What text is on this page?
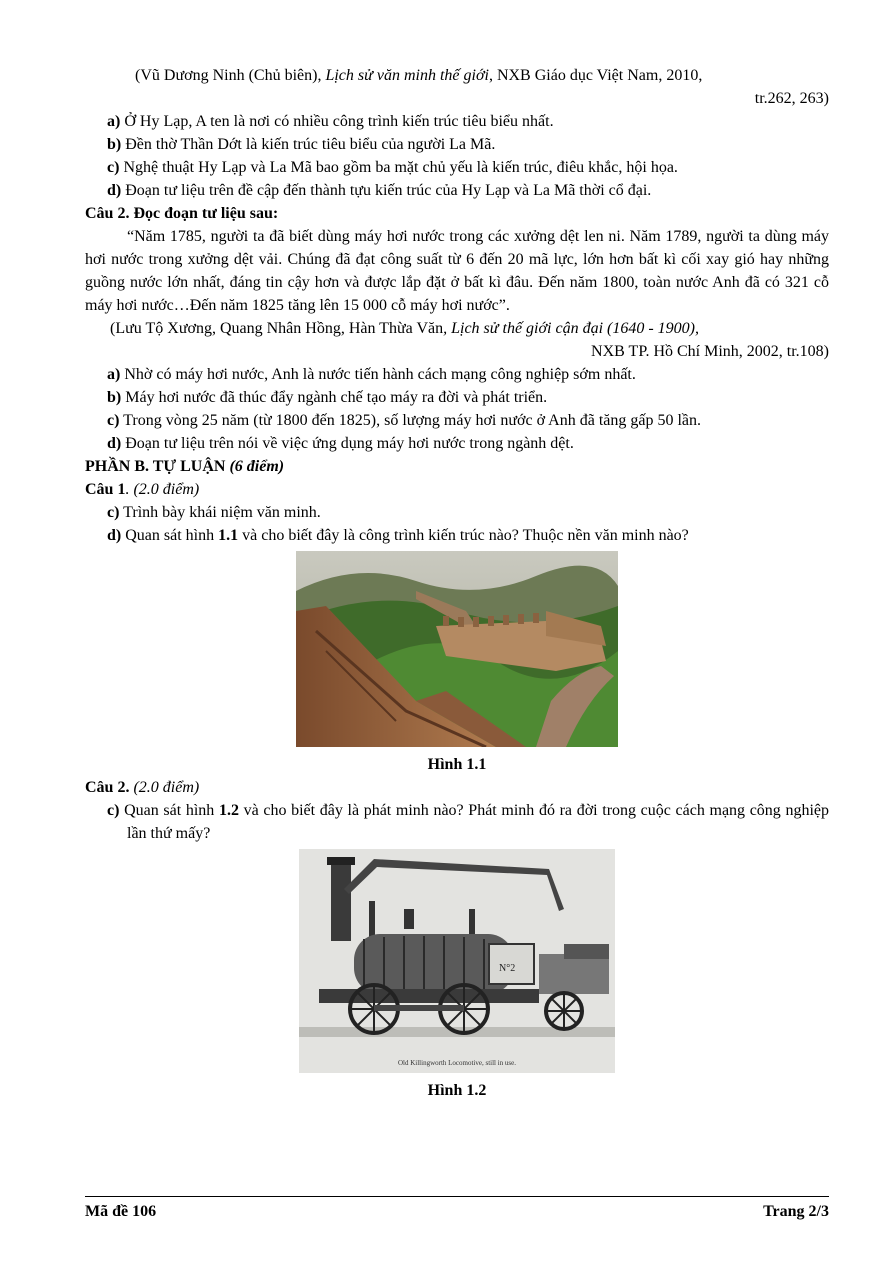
(Vũ Dương Ninh (Chủ biên), Lịch sử văn minh thế giới, NXB Giáo dục Việt Nam, 2010,

tr.262, 263)

a) Ở Hy Lạp, A ten là nơi có nhiều công trình kiến trúc tiêu biểu nhất.

b) Đền thờ Thần Dớt là kiến trúc tiêu biểu của người La Mã.

c) Nghệ thuật Hy Lạp và La Mã bao gồm ba mặt chủ yếu là kiến trúc, điêu khắc, hội họa.

d) Đoạn tư liệu trên đề cập đến thành tựu kiến trúc của Hy Lạp và La Mã thời cổ đại.

Câu 2. Đọc đoạn tư liệu sau:

“Năm 1785, người ta đã biết dùng máy hơi nước trong các xưởng dệt len ni. Năm 1789, người ta dùng máy hơi nước trong xưởng dệt vải. Chúng đã đạt công suất từ 6 đến 20 mã lực, lớn hơn bất kì cối xay gió hay những guồng nước lớn nhất, đáng tin cậy hơn và được lắp đặt ở bất kì đâu. Đến năm 1800, toàn nước Anh đã có 321 cỗ máy hơi nước…Đến năm 1825 tăng lên 15 000 cỗ máy hơi nước”.

(Lưu Tộ Xương, Quang Nhân Hồng, Hàn Thừa Văn, Lịch sử thế giới cận đại (1640 - 1900),

NXB TP. Hồ Chí Minh, 2002, tr.108)

a) Nhờ có máy hơi nước, Anh là nước tiến hành cách mạng công nghiệp sớm nhất.

b) Máy hơi nước đã thúc đẩy ngành chế tạo máy ra đời và phát triển.

c) Trong vòng 25 năm (từ 1800 đến 1825), số lượng máy hơi nước ở Anh đã tăng gấp 50 lần.

d) Đoạn tư liệu trên nói về việc ứng dụng máy hơi nước trong ngành dệt.

PHẦN B. TỰ LUẬN (6 điểm)

Câu 1. (2.0 điểm)

c) Trình bày khái niệm văn minh.

d) Quan sát hình 1.1 và cho biết đây là công trình kiến trúc nào? Thuộc nền văn minh nào?

Hình 1.1

Câu 2. (2.0 điểm)

c) Quan sát hình 1.2 và cho biết đây là phát minh nào? Phát minh đó ra đời trong cuộc cách mạng công nghiệp lần thứ mấy?

N°2
Old Killingworth Locomotive, still in use.

Hình 1.2

Mã đề 106	Trang 2/3
